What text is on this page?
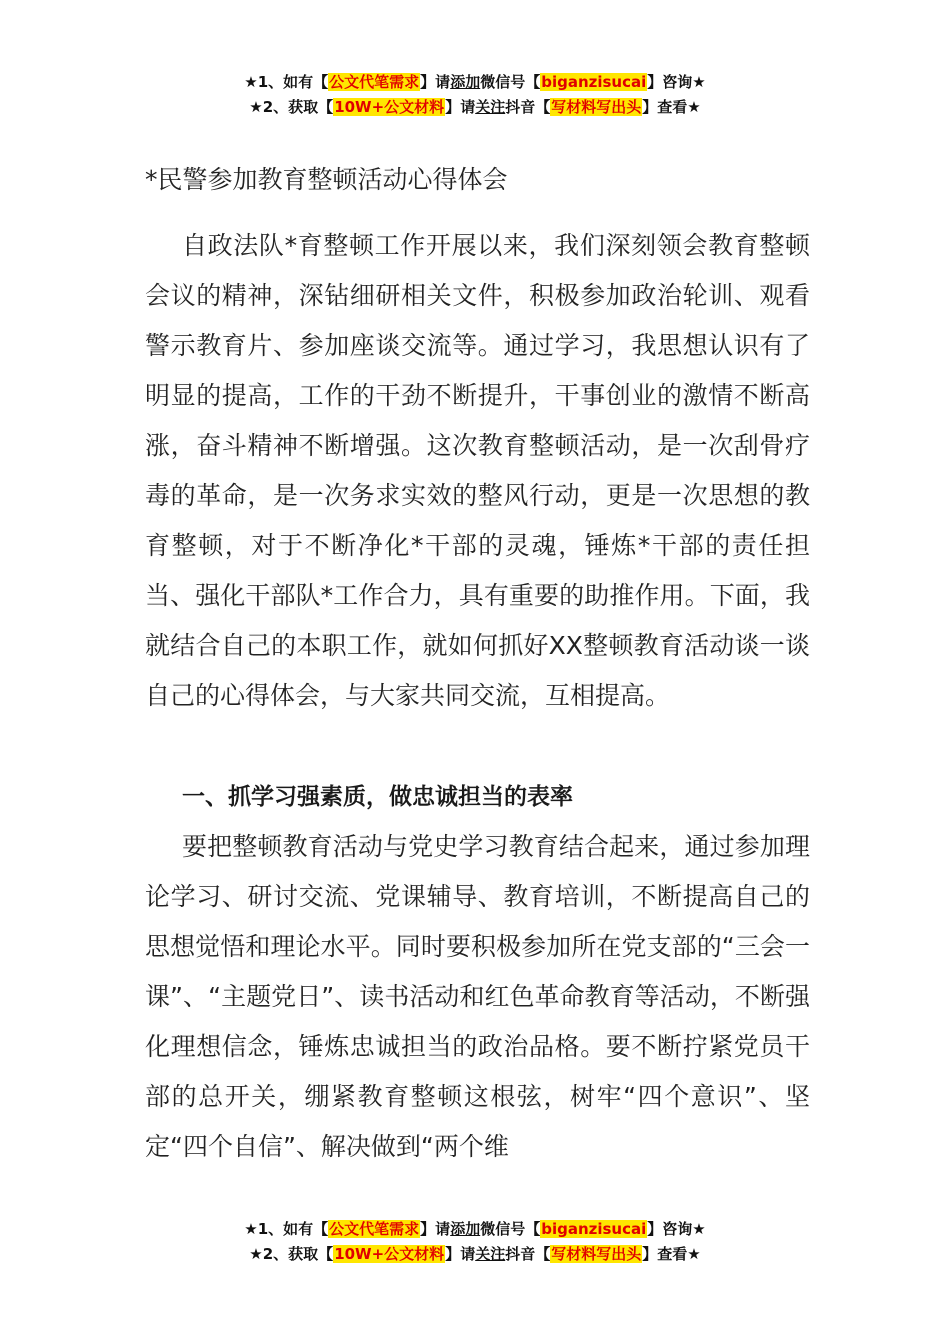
★1、如有【公文代笔需求】请添加微信号【biganzisucai】咨询★
★2、获取【10W+公文材料】请关注抖音【写材料写出头】查看★
*民警参加教育整顿活动心得体会
自政法队*育整顿工作开展以来，我们深刻领会教育整顿会议的精神，深钻细研相关文件，积极参加政治轮训、观看警示教育片、参加座谈交流等。通过学习，我思想认识有了明显的提高，工作的干劲不断提升，干事创业的激情不断高涨，奋斗精神不断增强。这次教育整顿活动，是一次刮骨疗毒的革命，是一次务求实效的整风行动，更是一次思想的教育整顿，对于不断净化*干部的灵魂，锤炼*干部的责任担当、强化干部队*工作合力，具有重要的助推作用。下面，我就结合自己的本职工作，就如何抓好XX整顿教育活动谈一谈自己的心得体会，与大家共同交流，互相提高。
一、抓学习强素质，做忠诚担当的表率
要把整顿教育活动与党史学习教育结合起来，通过参加理论学习、研讨交流、党课辅导、教育培训，不断提高自己的思想觉悟和理论水平。同时要积极参加所在党支部的“三会一课”、“主题党日”、读书活动和红色革命教育等活动，不断强化理想信念，锤炼忠诚担当的政治品格。要不断拧紧党员干部的总开关，绷紧教育整顿这根弦，树牢“四个意识”、坚定“四个自信”、解决做到“两个维
★1、如有【公文代笔需求】请添加微信号【biganzisucai】咨询★
★2、获取【10W+公文材料】请关注抖音【写材料写出头】查看★
